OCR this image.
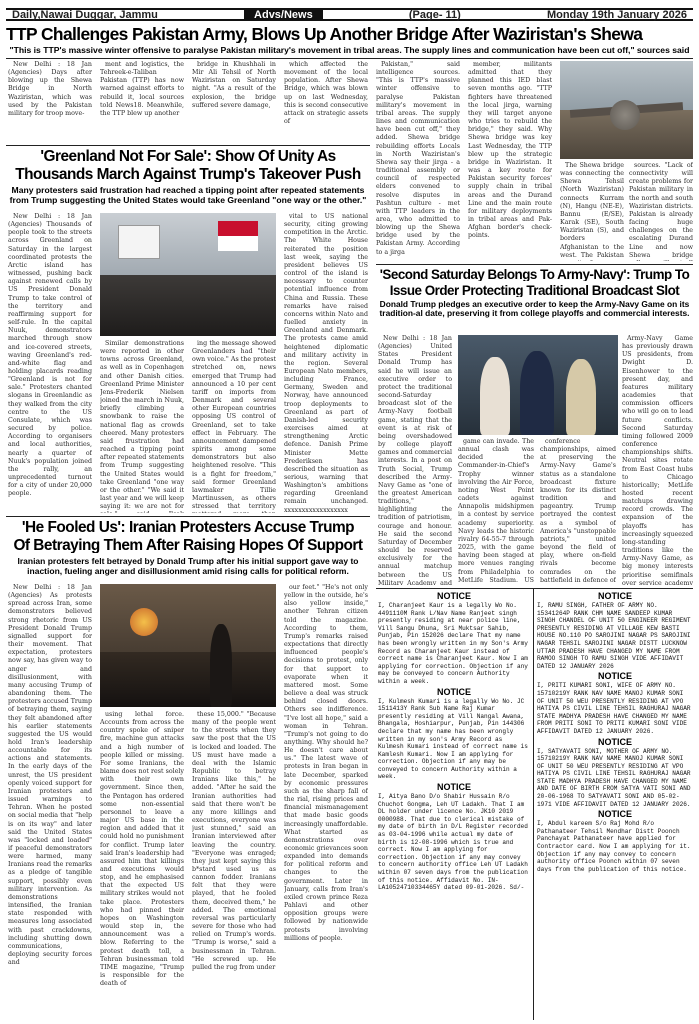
Daily,Nawai Duggar, Jammu	Advs/News	(Page- 11)	Monday 19th January 2026
TTP Challenges Pakistan Army, Blows Up Another Bridge After Waziristan's Shewa
"This is TTP's massive winter offensive to paralyse Pakistan military's movement in tribal areas. The supply lines and communication have been cut off," sources said

New Delhi : 18 Jan (Agencies) Days after blowing up the Shewa Bridge in North Waziristan, which was used by the Pakistan military for troop move-

ment and logistics, the Tehreek-e-Taliban Pakistan (TTP) has now warned against efforts to rebuild it, local sources told News18. Meanwhile, the TTP blew up another

bridge in Khushhali in Mir Ali Tehsil of North Waziristan on Saturday night. "As a result of the explosion, the bridge suffered severe damage,

which affected the movement of the local population. After Shewa Bridge, which was blown up on last Wednesday, this is second consecutive attack on strategic assets of

Pakistan," said intelligence sources. "This is TTP's massive winter offensive to paralyse Pakistan military's movement in tribal areas. The supply lines and communication have been cut off," they added. Shewa bridge rebuilding efforts Locals in North Waziristan's Shewa say their jirga - a traditional assembly or council of respected elders convened to resolve disputes in Pashtun culture - met with TTP leaders in the area, who admitted to blowing up the Shewa bridge used by the Pakistan Army. According to a jirga

member, militants admitted that they planned this IED blast seven months ago. "TTP fighters have threatened the local jirga, warning they will target anyone who tries to rebuild the bridge," they said. Why Shewa bridge was key Last Wednesday, the TTP blew up the strategic bridge in Waziristan. It was a key route for Pakistan security forces' supply chain in tribal areas and the Durand Line and the main route for military deployments in tribal areas and Pak-Afghan border's check-points.

The Shewa bridge was connecting the Shewa Tehsil (North Waziristan) connects Kurram (N), Hangu (NE-E), Bannu (E/SE), Karak (SE), South Waziristan (S), and borders Afghanistan to the west. The Pakistan

sources. "Lack of connectivity will create problems for Pakistan military in the north and south Waziristan districts. Pakistan is already facing huge challenges on the escalating Durand Line and now Shewa bridge

'Greenland Not For Sale': Show Of Unity As
Thousands March Against Trump's Takeover Push
Many protesters said frustration had reached a tipping point after repeated statements from Trump suggesting the United States would take Greenland "one way or the other."

New Delhi : 18 Jan (Agencies) Thousands of people took to the streets across Greenland on Saturday in the largest coordinated protests the Arctic island has witnessed, pushing back against renewed calls by US President Donald Trump to take control of the territory and reaffirming support for self-rule. In the capital Nuuk, demonstrators marched through snow and ice-covered streets, waving Greenland's red-and-white flag and holding placards reading "Greenland is not for sale." Protesters chanted slogans in Greenlandic as they walked from the city centre to the US Consulate, which was secured by police. According to organisers and local authorities, nearly a quarter of Nuuk's population joined the rally, an unprecedented turnout for a city of under 20,000 people.

Similar demonstrations were reported in other towns across Greenland, as well as in Copenhagen and other Danish cities. Greenland Prime Minister Jens-Frederik Nielsen joined the march in Nuuk, briefly climbing a snowbank to raise the national flag as crowds cheered. Many protesters said frustration had reached a tipping point after repeated statements from Trump suggesting the United States would take Greenland "one way or the other." "We said it last year and we will keep saying it: we are not for

ing the message showed Greenlanders had "their own voice." As the protest stretched on, news emerged that Trump had announced a 10 per cent tariff on imports from Denmark and several other European countries opposing US control of Greenland, set to take effect in February. The announcement dampened spirits among some demonstrators but also heightened resolve. "This is a fight for freedom," said former Greenland lawmaker Tillie Martinussen, as others stressed that territory

vital to US national security, citing growing competition in the Arctic. The White House reiterated the position last week, saying the president believes US control of the island is necessary to counter potential influence from China and Russia. These remarks have raised concerns within Nato and fuelled anxiety in Greenland and Denmark. The protests came amid heightened diplomatic and military activity in the region. Several European Nato members, including France, Germany, Sweden and Norway, have announced troop deployments to Greenland as part of Danish-led security exercises aimed at strengthening Arctic defence. Danish Prime Minister Mette Frederiksen has described the situation as serious, warning that Washington's ambitions regarding Greenland remain unchanged. xxxxxxxxxxxxxxxxxx

'Second Saturday Belongs To Army-Navy': Trump To
Issue Order Protecting Traditional Broadcast Slot
Donald Trump pledges an executive order to keep the Army-Navy Game on its tradition-al date, preserving it from college playoffs and commercial interests.

New Delhi : 18 Jan (Agencies) United States President Donald Trump has said he will issue an executive order to protect the traditional second-Saturday broadcast slot of the Army-Navy football game, stating that the event is at risk of being overshadowed by college playoff games and commercial interests. In a post on Truth Social, Trump described the Army-Navy Game as "one of the greatest American traditions," highlighting the tradition of patriotism, courage and honour. He said the second Saturday of December should be reserved exclusively for the annual matchup between the US Military Academy and

game can invade. The annual clash was decided the Commander-in-Chief's Trophy winner involving the Air Force, noting West Point cadets against Annapolis midshipmen in a contest by service academy superiority. Navy leads the historic rivalry 64-55-7 through 2025, with the game having been staged at more venues ranging from Philadelphia to MetLife Stadium. US

conference championships, aimed at preserving the Army-Navy Game's status as a standalone broadcast fixture known for its distinct tradition and pageantry. Trump portrayed the contest as a symbol of America's "unstoppable patriots," united beyond the field of play, where on-field rivals become comrades on the battlefield in defence of

Army-Navy Game has previously drawn US presidents, from Dwight D. Eisenhower to the present day, and features military academies that commission officers who will go on to lead future conflicts. Second Saturday timing followed 2009 conference championships shifts. Neutral sites rotate from East Coast hubs to Chicago historically; MetLife hosted recent matchups drawing record crowds. The expansion of the playoffs has increasingly squeezed long-standing traditions like the Army-Navy Game, as big money interests prioritise semifinals over service academy

'He Fooled Us': Iranian Protesters Accuse Trump
Of Betraying Them After Raising Hopes Of Support
Iranian protesters felt betrayed by Donald Trump after his initial support gave way to inaction, fueling anger and disillusionment amid rising calls for political reform.

New Delhi : 18 Jan (Agencies) As protests spread across Iran, some demonstrators believed strong rhetoric from US President Donald Trump signalled support for their movement. That expectation, protesters now say, has given way to anger and disillusionment, with many accusing Trump of abandoning them. The protesters accused Trump of betraying them, saying they felt abandoned after his earlier statements suggested the US would hold Iran's leadership accountable for its actions and statements. In the early days of the unrest, the US president openly voiced support for Iranian protesters and issued warnings to Tehran. When he posted on social media that "help is on its way" and later said the United States was "locked and loaded" if peaceful demonstrators were harmed, many Iranians read the remarks as a pledge of tangible support, possibly even military intervention. As demonstrations intensified, the Iranian state responded with measures long associated with past crackdowns, including shutting down communications, deploying security forces and

using lethal force. Accounts from across the country spoke of sniper fire, machine gun attacks and a high number of people killed or missing. For some Iranians, the blame does not rest solely with their own government. Since then, the Pentagon has ordered some non-essential personnel to leave a major US base in the region and added that it could hold no punishment for conflict. Trump later said Iran's leadership had assured him that killings and executions would stop, and he emphasised that the expected US military strikes would not take place. Protesters who had pinned their hopes on Washington would step in, the announcement was a blow. Referring to the protest death toll, a Tehran businessman told TIME magazine, "Trump is responsible for the death of

these 15,000." "Because many of the people went to the streets when they saw the post that the US is locked and loaded. The US must have made a deal with the Islamic Republic to betray Iranians like this," he added. "After he said the Iranian authorities had said that there won't be any more killings and executions, everyone was just stunned," said an Iranian interviewed after leaving the country. "Everyone was enraged; they just kept saying this b*stard used us as cannon fodder. Iranians felt that they were played, that he fooled them, deceived them," he added. The emotional reversal was particularly severe for those who had relied on Trump's words. "Trump is worse," said a businessman in Tehran. "He screwed up. He pulled the rug from under

our feet." "He's not only yellow in the outside, he's also yellow inside," another Tehran citizen told the magazine. According to them, Trump's remarks raised expectations that directly influenced people's decisions to protest, only for that support to evaporate when it mattered most. Some believe a deal was struck behind closed doors. Others see indifference. "I've lost all hope," said a woman in Tehran. "Trump's not going to do anything. Why should he? He doesn't care about us." The latest wave of protests in Iran began in late December, sparked by economic pressures such as the sharp fall of the rial, rising prices and financial mismanagement that made basic goods increasingly unaffordable. What started as demonstrations over economic grievances soon expanded into demands for political reform and changes to the government. Later in January, calls from Iran's exiled crown prince Reza Pahlavi and other opposition groups were followed by nationwide protests involving millions of people.

NOTICE
I, Charanjeet Kaur is a legally Wo No. 4491110M Rank L/Nav Name Ranjeet singh presently residing at near police line, Vill Sangu Dhuna, Sri Muktsar Sahib, Punjab, Pin 152026 declare That my name has been wrongly written in my Son's Army Record as Charanjeet Kaur instead of correct name is Charanjeet Kaur. Now I am applying for correction. Objection if any may be conveyed to concern Authority within a week.
NOTICE
I, Kulmesh Kumari is a legally Wo No. JC 1511413Y Rank Sub Name Raj Kumar presently residing at Vill Nangal Awana, Bhangala, Hoshiarpur, Punjab, Pin 144306 declare that my name has been wrongly written in my son's Army Record as Kulmesh Kumari instead of correct name is Kamlesh Kumari. Now I am applying for correction. Objection if any may be conveyed to concern Authority within a week.
NOTICE
I, Aitya Bano D/o Shabir Hussain R/o Chuchot Gongma, Leh UT Ladakh. That I am DL holder under licence No. JK10 2019 0000988. That due to clerical mistake of my date of birth in D/L Register recorded as 03-04-1996 while actual my date of birth is 12-08-1996 which is true and correct. Now I am applying for correction. Objection if any may convey to concern authority office Leh UT Ladakh within 07 seven days from the publication of this notice. Affidavit No. IN-LA10524710334465Y dated 09-01-2026. Sd/-
NOTICE
I, RAMU SINGH, FATHER OF ARMY NO. 15341264P RANK CHM NAME SANDEEP KUMAR SINGH CHANDEL OF UNIT 50 ENGINEER REGIMENT PRESENTLY RESIDING AT VILLAGE KEW BASTI HOUSE NO.110 PO SAROJINI NAGAR PS SAROJINI NAGAR TEHSIL SAROJINI NAGAR DISTT LUCKNOW UTTAR PRADESH HAVE CHANGED MY NAME FROM RAMOO SINGH TO RAMU SINGH VIDE AFFIDAVIT DATED 12 JANUARY 2026
NOTICE
I, PRITI KUMARI SONI, WIFE OF ARMY NO. 15710219Y RANK NAV NAME MANOJ KUMAR SONI OF UNIT 50 WEU PRESENTLY RESIDING AT VPO HATIYA PS CIVIL LINE TEHSIL RAGHURAJ NAGAR STATE MADHYA PRADESH HAVE CHANGED MY NAME FROM PRITI SONI TO PRITI KUMARI SONI VIDE AFFIDAVIT DATED 12 JANUARY 2026.
NOTICE
I, SATYAVATI SONI, MOTHER OF ARMY NO. 15710219Y RANK NAV NAME MANOJ KUMAR SONI OF UNIT 50 WEU PRESENTLY RESIDING AT VPO HATIYA PS CIVIL LINE TEHSIL RAGHURAJ NAGAR STATE MADHYA PRADESH HAVE CHANGED MY NAME AND DATE OF BIRTH FROM SATYA VATI SONI AND 20-06-1968 TO SATYAVATI SONI AND 05-02-1971 VIDE AFFIDAVIT DATED 12 JANUARY 2026.
NOTICE
I, Abdul kareem S/o Raj Mohd R/o Pathanateer Tehsil Mendhar Distt Poonch Panchayat Pathanateer have applied for Contractor card. Now I am applying for it. Objection if any may convey to concern authority office Poonch within 07 seven days from the publication of this notice.
